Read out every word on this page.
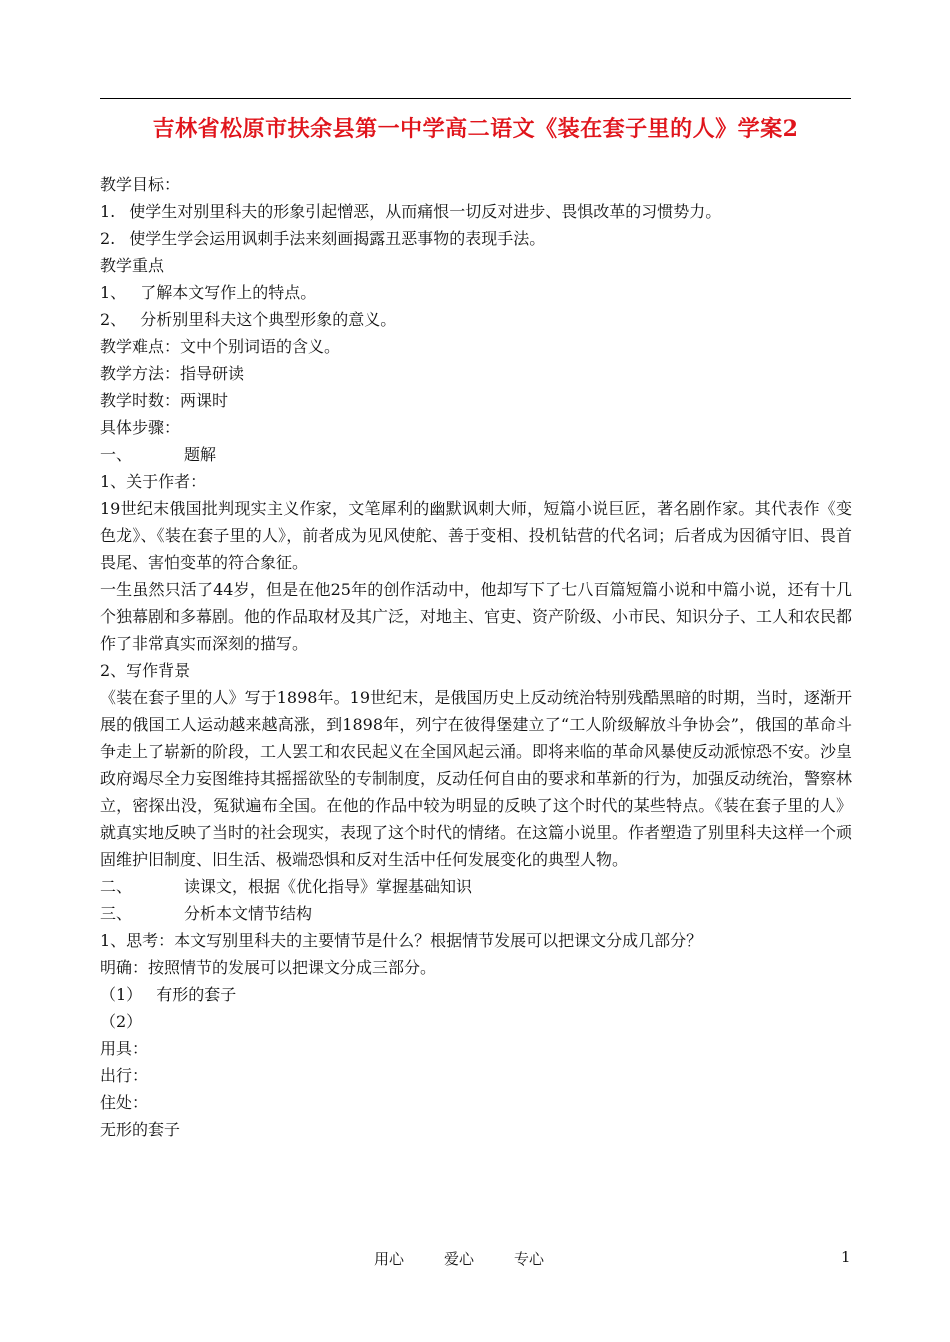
吉林省松原市扶余县第一中学高二语文《装在套子里的人》学案2
教学目标：
1. 使学生对别里科夫的形象引起憎恶，从而痛恨一切反对进步、畏惧改革的习惯势力。
2. 使学生学会运用讽刺手法来刻画揭露丑恶事物的表现手法。
教学重点
1、 了解本文写作上的特点。
2、 分析别里科夫这个典型形象的意义。
教学难点：文中个别词语的含义。
教学方法：指导研读
教学时数：两课时
具体步骤：
一、	题解
1、关于作者：
19世纪末俄国批判现实主义作家，文笔犀利的幽默讽刺大师，短篇小说巨匠，著名剧作家。其代表作《变色龙》、《装在套子里的人》，前者成为见风使舵、善于变相、投机钻营的代名词；后者成为因循守旧、畏首畏尾、害怕变革的符合象征。
一生虽然只活了44岁，但是在他25年的创作活动中，他却写下了七八百篇短篇小说和中篇小说，还有十几个独幕剧和多幕剧。他的作品取材及其广泛，对地主、官吏、资产阶级、小市民、知识分子、工人和农民都作了非常真实而深刻的描写。
2、写作背景
《装在套子里的人》写于1898年。19世纪末，是俄国历史上反动统治特别残酷黑暗的时期，当时，逐渐开展的俄国工人运动越来越高涨，到1898年，列宁在彼得堡建立了“工人阶级解放斗争协会”，俄国的革命斗争走上了崭新的阶段，工人罢工和农民起义在全国风起云涌。即将来临的革命风暴使反动派惊恐不安。沙皇政府竭尽全力妄图维持其摇摇欲坠的专制制度，反动任何自由的要求和革新的行为，加强反动统治，警察林立，密探出没，冤狱遍布全国。在他的作品中较为明显的反映了这个时代的某些特点。《装在套子里的人》就真实地反映了当时的社会现实，表现了这个时代的情绪。在这篇小说里。作者塑造了别里科夫这样一个顽固维护旧制度、旧生活、极端恐惧和反对生活中任何发展变化的典型人物。
二、	读课文，根据《优化指导》掌握基础知识
三、	分析本文情节结构
1、思考：本文写别里科夫的主要情节是什么？根据情节发展可以把课文分成几部分？
明确：按照情节的发展可以把课文分成三部分。
（1） 有形的套子
（2）
用具：
出行：
住处：
无形的套子
用心	爱心	专心	1
